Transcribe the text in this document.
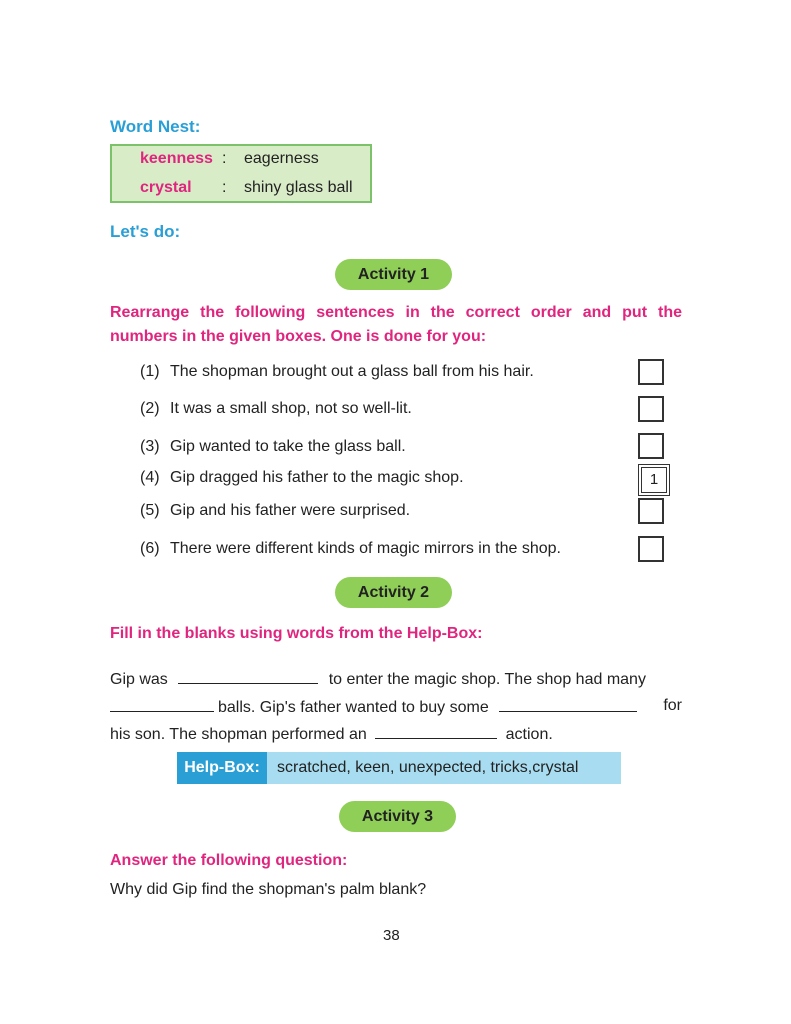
Word Nest:
keenness : eagerness
crystal : shiny glass ball
Let's do:
Activity 1
Rearrange the following sentences in the correct order and put the numbers in the given boxes. One is done for you:
(1) The shopman brought out a glass ball from his hair.
(2) It was a small shop, not so well-lit.
(3) Gip wanted to take the glass ball.
(4) Gip dragged his father to the magic shop.	1
(5) Gip and his father were surprised.
(6) There were different kinds of magic mirrors in the shop.
Activity 2
Fill in the blanks using words from the Help-Box:
Gip was	to enter the magic shop. The shop had many
balls. Gip's father wanted to buy some	for
his son. The shopman performed an	action.
Help-Box:	scratched, keen, unexpected, tricks,crystal
Activity 3
Answer the following question:
Why did Gip find the shopman's palm blank?
38
